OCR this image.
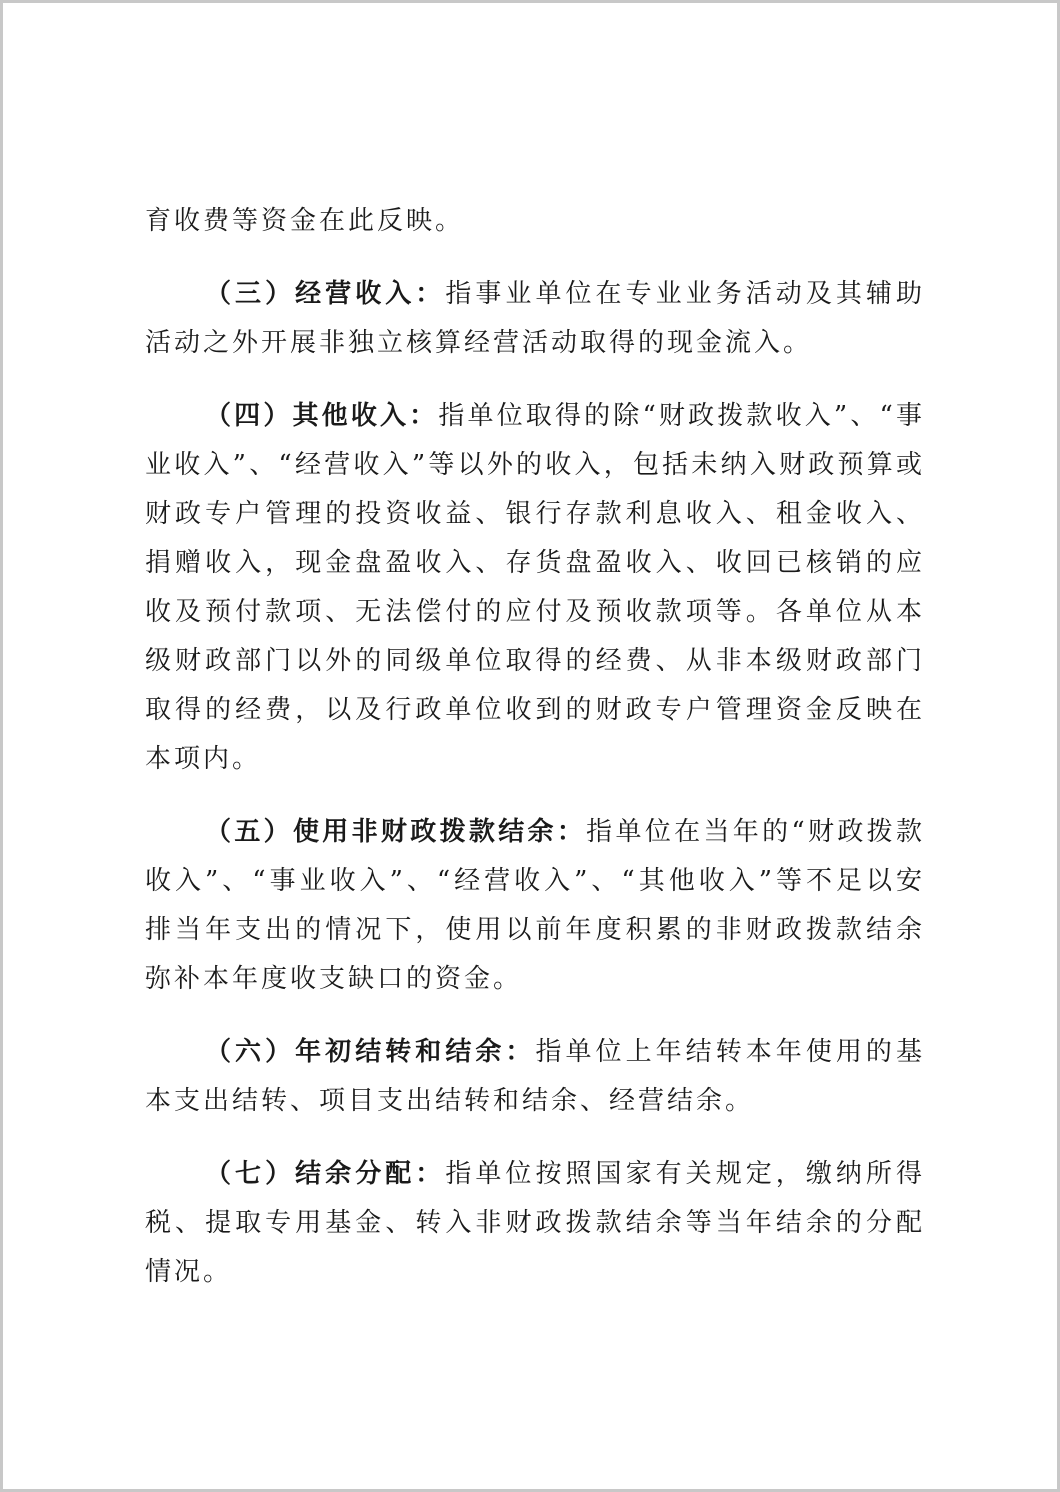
育收费等资金在此反映。

（三）经营收入：指事业单位在专业业务活动及其辅助活动之外开展非独立核算经营活动取得的现金流入。

（四）其他收入：指单位取得的除“财政拨款收入”、“事业收入”、“经营收入”等以外的收入，包括未纳入财政预算或财政专户管理的投资收益、银行存款利息收入、租金收入、捐赠收入，现金盘盈收入、存货盘盈收入、收回已核销的应收及预付款项、无法偿付的应付及预收款项等。各单位从本级财政部门以外的同级单位取得的经费、从非本级财政部门取得的经费，以及行政单位收到的财政专户管理资金反映在本项内。

（五）使用非财政拨款结余：指单位在当年的“财政拨款收入”、“事业收入”、“经营收入”、“其他收入”等不足以安排当年支出的情况下，使用以前年度积累的非财政拨款结余弥补本年度收支缺口的资金。

（六）年初结转和结余：指单位上年结转本年使用的基本支出结转、项目支出结转和结余、经营结余。

（七）结余分配：指单位按照国家有关规定，缴纳所得税、提取专用基金、转入非财政拨款结余等当年结余的分配情况。
